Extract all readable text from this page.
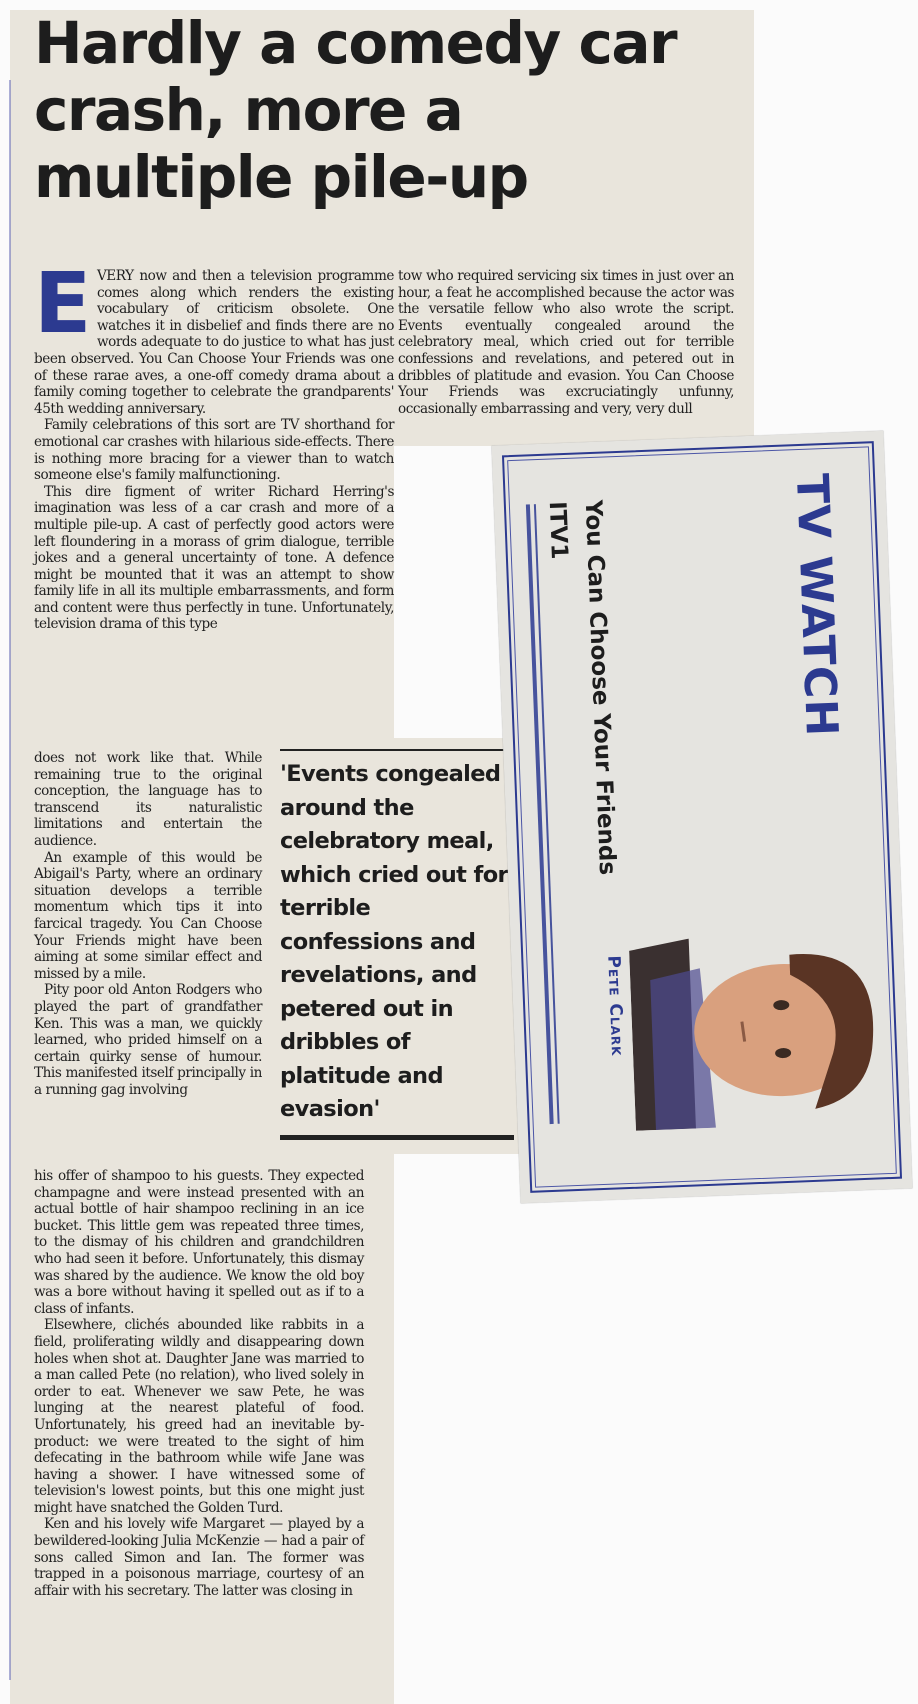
Hardly a comedy car crash, more a multiple pile-up
E VERY now and then a television programme comes along which renders the existing vocabulary of criticism obsolete. One watches it in disbelief and finds there are no words adequate to do justice to what has just been observed. You Can Choose Your Friends was one of these rarae aves, a one-off comedy drama about a family coming together to celebrate the grandparents' 45th wedding anniversary.

Family celebrations of this sort are TV shorthand for emotional car crashes with hilarious side-effects. There is nothing more bracing for a viewer than to watch someone else's family malfunctioning.

This dire figment of writer Richard Herring's imagination was less of a car crash and more of a multiple pile-up. A cast of perfectly good actors were left floundering in a morass of grim dialogue, terrible jokes and a general uncertainty of tone. A defence might be mounted that it was an attempt to show family life in all its multiple embarrassments, and form and content were thus perfectly in tune. Unfortunately, television drama of this type

does not work like that. While remaining true to the original conception, the language has to transcend its naturalistic limitations and entertain the audience.

An example of this would be Abigail's Party, where an ordinary situation develops a terrible momentum which tips it into farcical tragedy. You Can Choose Your Friends might have been aiming at some similar effect and missed by a mile.

Pity poor old Anton Rodgers who played the part of grandfather Ken. This was a man, we quickly learned, who prided himself on a certain quirky sense of humour. This manifested itself principally in a running gag involving

his offer of shampoo to his guests. They expected champagne and were instead presented with an actual bottle of hair shampoo reclining in an ice bucket. This little gem was repeated three times, to the dismay of his children and grandchildren who had seen it before. Unfortunately, this dismay was shared by the audience. We know the old boy was a bore without having it spelled out as if to a class of infants.

Elsewhere, clichés abounded like rabbits in a field, proliferating wildly and disappearing down holes when shot at. Daughter Jane was married to a man called Pete (no relation), who lived solely in order to eat. Whenever we saw Pete, he was lunging at the nearest plateful of food. Unfortunately, his greed had an inevitable by-product: we were treated to the sight of him defecating in the bathroom while wife Jane was having a shower. I have witnessed some of television's lowest points, but this one might just might have snatched the Golden Turd.

Ken and his lovely wife Margaret — played by a bewildered-looking Julia McKenzie — had a pair of sons called Simon and Ian. The former was trapped in a poisonous marriage, courtesy of an affair with his secretary. The latter was closing in

tow who required servicing six times in just over an hour, a feat he accomplished because the actor was the versatile fellow who also wrote the script. Events eventually congealed around the celebratory meal, which cried out for terrible confessions and revelations, and petered out in dribbles of platitude and evasion. You Can Choose Your Friends was excruciatingly unfunny, occasionally embarrassing and very, very dull

'Events congealed around the celebratory meal, which cried out for terrible confessions and revelations, and petered out in dribbles of platitude and evasion'
TV WATCH
You Can Choose Your Friends
ITV1
Pete Clark
